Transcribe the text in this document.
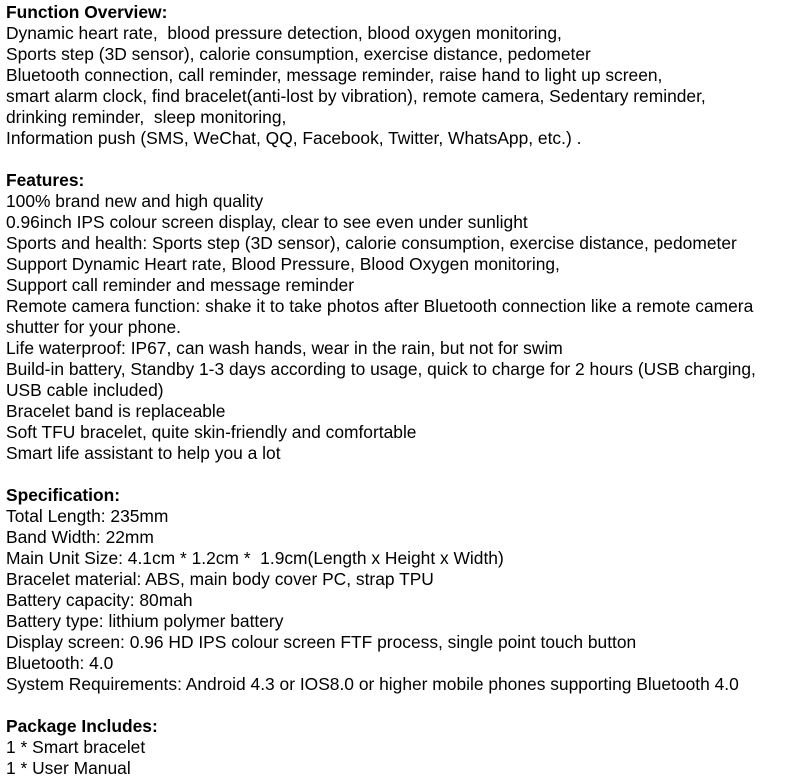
Function Overview:
Dynamic heart rate,  blood pressure detection, blood oxygen monitoring,
Sports step (3D sensor), calorie consumption, exercise distance, pedometer
Bluetooth connection, call reminder, message reminder, raise hand to light up screen,
smart alarm clock, find bracelet(anti-lost by vibration), remote camera, Sedentary reminder,
drinking reminder,  sleep monitoring,
Information push (SMS, WeChat, QQ, Facebook, Twitter, WhatsApp, etc.) .
Features:
100% brand new and high quality
0.96inch IPS colour screen display, clear to see even under sunlight
Sports and health: Sports step (3D sensor), calorie consumption, exercise distance, pedometer
Support Dynamic Heart rate, Blood Pressure, Blood Oxygen monitoring,
Support call reminder and message reminder
Remote camera function: shake it to take photos after Bluetooth connection like a remote camera
shutter for your phone.
Life waterproof: IP67, can wash hands, wear in the rain, but not for swim
Build-in battery, Standby 1-3 days according to usage, quick to charge for 2 hours (USB charging,
USB cable included)
Bracelet band is replaceable
Soft TFU bracelet, quite skin-friendly and comfortable
Smart life assistant to help you a lot
Specification:
Total Length: 235mm
Band Width: 22mm
Main Unit Size: 4.1cm * 1.2cm *  1.9cm(Length x Height x Width)
Bracelet material: ABS, main body cover PC, strap TPU
Battery capacity: 80mah
Battery type: lithium polymer battery
Display screen: 0.96 HD IPS colour screen FTF process, single point touch button
Bluetooth: 4.0
System Requirements: Android 4.3 or IOS8.0 or higher mobile phones supporting Bluetooth 4.0
Package Includes:
1 * Smart bracelet
1 * User Manual
